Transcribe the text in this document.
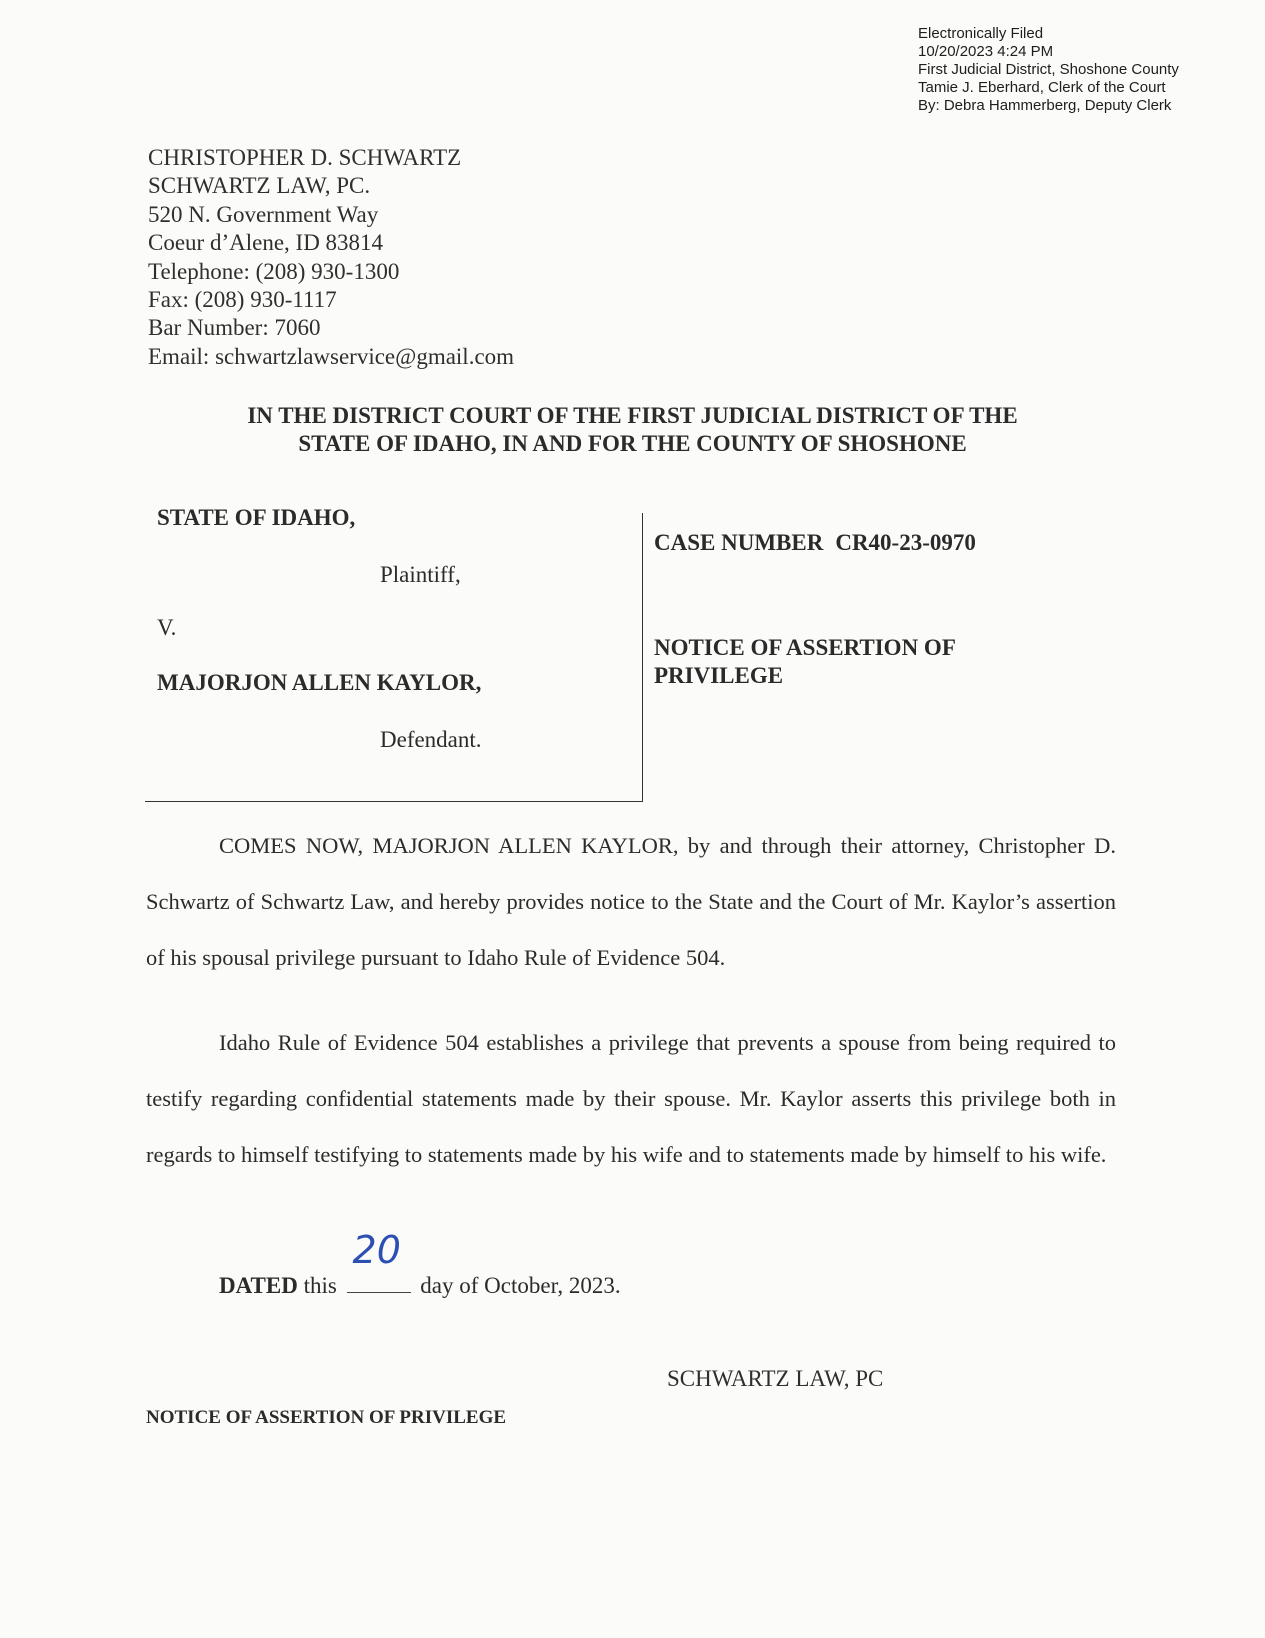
Electronically Filed
10/20/2023 4:24 PM
First Judicial District, Shoshone County
Tamie J. Eberhard, Clerk of the Court
By: Debra Hammerberg, Deputy Clerk
CHRISTOPHER D. SCHWARTZ
SCHWARTZ LAW, PC.
520 N. Government Way
Coeur d’Alene, ID 83814
Telephone: (208) 930-1300
Fax: (208) 930-1117
Bar Number: 7060
Email: schwartzlawservice@gmail.com
IN THE DISTRICT COURT OF THE FIRST JUDICIAL DISTRICT OF THE
STATE OF IDAHO, IN AND FOR THE COUNTY OF SHOSHONE
STATE OF IDAHO,
Plaintiff,
V.
MAJORJON ALLEN KAYLOR,
Defendant.
CASE NUMBER CR40-23-0970
NOTICE OF ASSERTION OF PRIVILEGE

COMES NOW, MAJORJON ALLEN KAYLOR, by and through their attorney, Christopher D. Schwartz of Schwartz Law, and hereby provides notice to the State and the Court of Mr. Kaylor’s assertion of his spousal privilege pursuant to Idaho Rule of Evidence 504.

Idaho Rule of Evidence 504 establishes a privilege that prevents a spouse from being required to testify regarding confidential statements made by their spouse. Mr. Kaylor asserts this privilege both in regards to himself testifying to statements made by his wife and to statements made by himself to his wife.

DATED this
20
day of October, 2023.
SCHWARTZ LAW, PC
NOTICE OF ASSERTION OF PRIVILEGE
